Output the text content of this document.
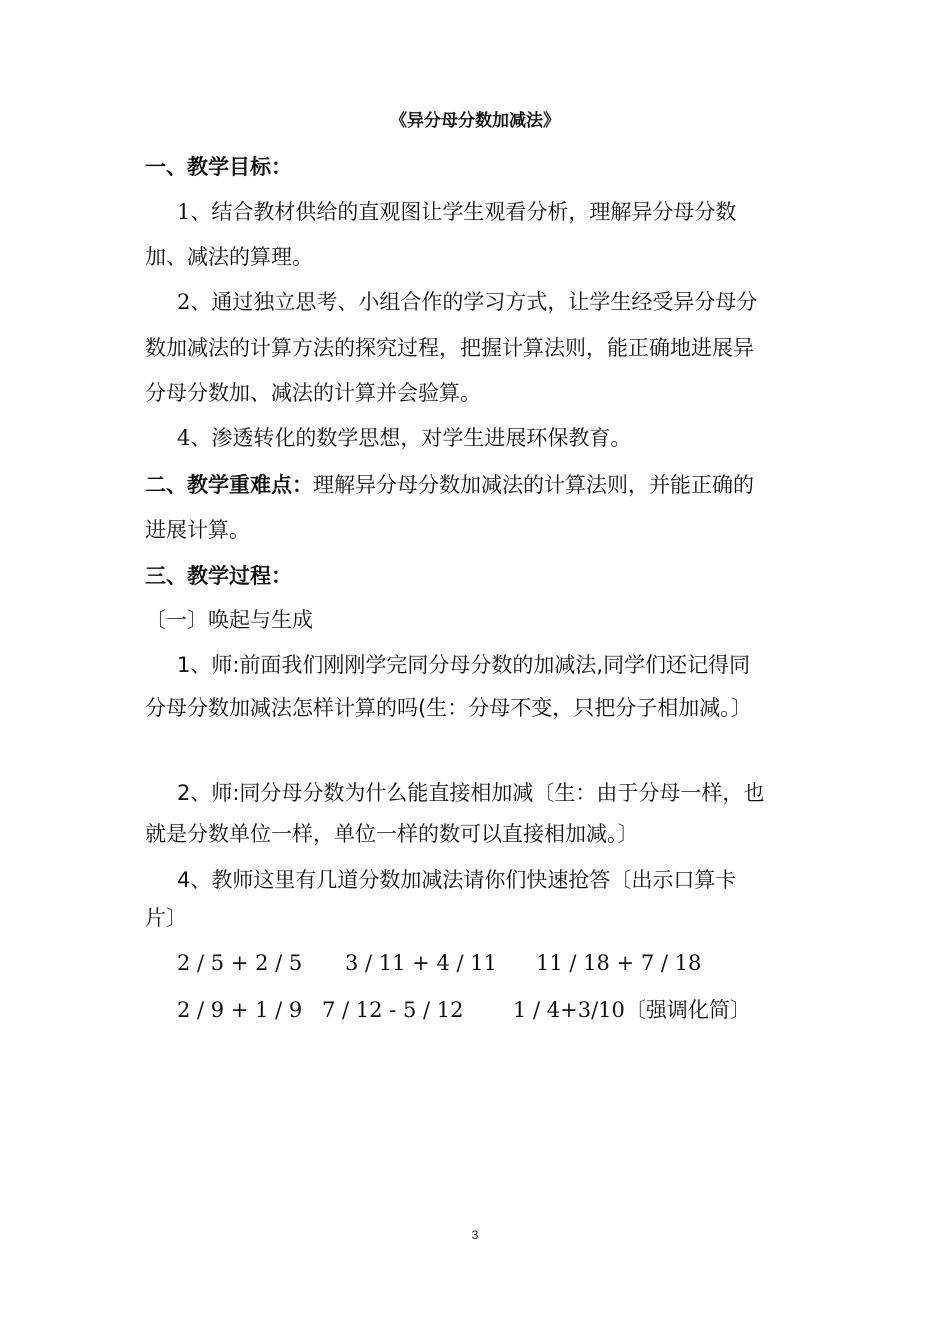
《异分母分数加减法》
一、教学目标：
1、结合教材供给的直观图让学生观看分析，理解异分母分数
加、减法的算理。
2、通过独立思考、小组合作的学习方式，让学生经受异分母分
数加减法的计算方法的探究过程，把握计算法则，能正确地进展异
分母分数加、减法的计算并会验算。
4、渗透转化的数学思想，对学生进展环保教育。
二、教学重难点：理解异分母分数加减法的计算法则，并能正确的
进展计算。
三、教学过程：
〔一〕唤起与生成
1、师:前面我们刚刚学完同分母分数的加减法,同学们还记得同
分母分数加减法怎样计算的吗(生：分母不变，只把分子相加减。〕
2、师:同分母分数为什么能直接相加减〔生：由于分母一样，也
就是分数单位一样，单位一样的数可以直接相加减。〕
4、教师这里有几道分数加减法请你们快速抢答〔出示口算卡
片〕
2 / 5 + 2 / 5 3 / 11 + 4 / 11 11 / 18 + 7 / 18
2 / 9 + 1 / 9 7 / 12 - 5 / 12 1 / 4+3/10〔强调化简〕
3
